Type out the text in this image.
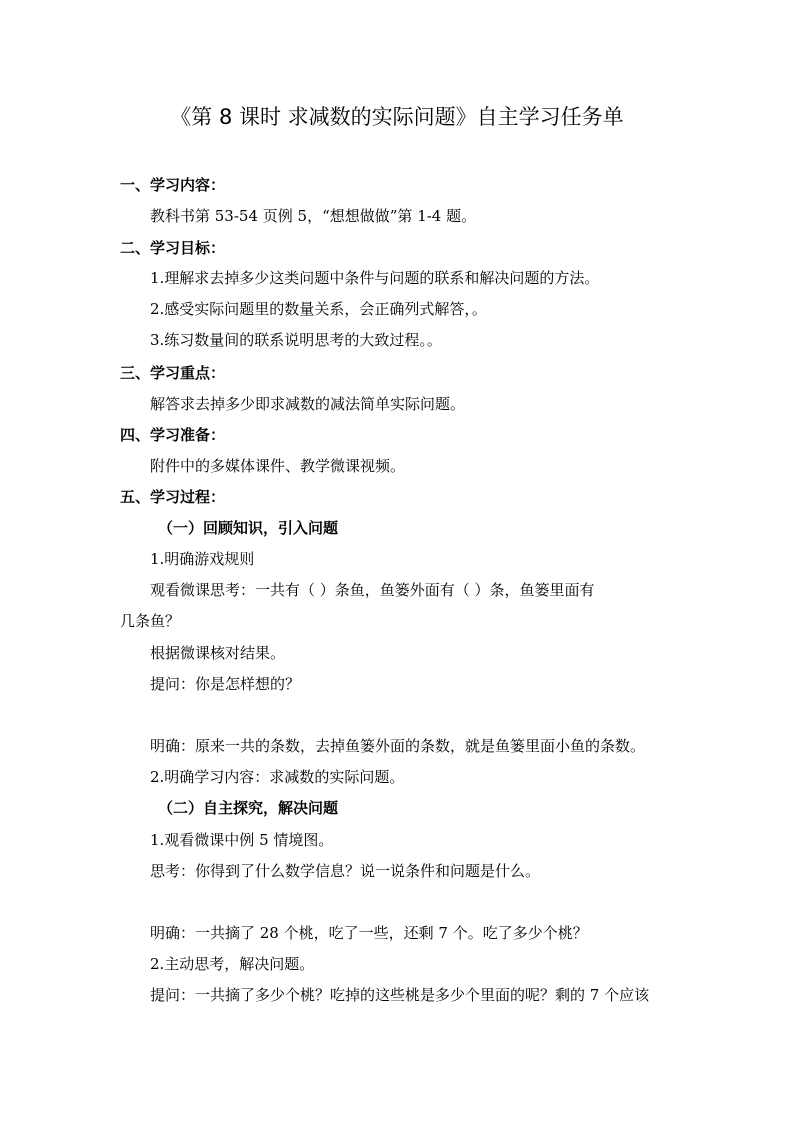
《第 8 课时 求减数的实际问题》自主学习任务单
一、学习内容：
教科书第 53-54 页例 5，“想想做做”第 1-4 题。
二、学习目标：
1.理解求去掉多少这类问题中条件与问题的联系和解决问题的方法。
2.感受实际问题里的数量关系，会正确列式解答，。
3.练习数量间的联系说明思考的大致过程。。
三、学习重点：
解答求去掉多少即求减数的减法简单实际问题。
四、学习准备：
附件中的多媒体课件、教学微课视频。
五、学习过程：
（一）回顾知识，引入问题
1.明确游戏规则
观看微课思考：一共有（ ）条鱼，鱼篓外面有（ ）条，鱼篓里面有
几条鱼？
根据微课核对结果。
提问：你是怎样想的？
明确：原来一共的条数，去掉鱼篓外面的条数，就是鱼篓里面小鱼的条数。
2.明确学习内容：求减数的实际问题。
（二）自主探究，解决问题
1.观看微课中例 5 情境图。
思考：你得到了什么数学信息？说一说条件和问题是什么。
明确：一共摘了 28 个桃，吃了一些，还剩 7 个。吃了多少个桃？
2.主动思考，解决问题。
提问：一共摘了多少个桃？吃掉的这些桃是多少个里面的呢？剩的 7 个应该
